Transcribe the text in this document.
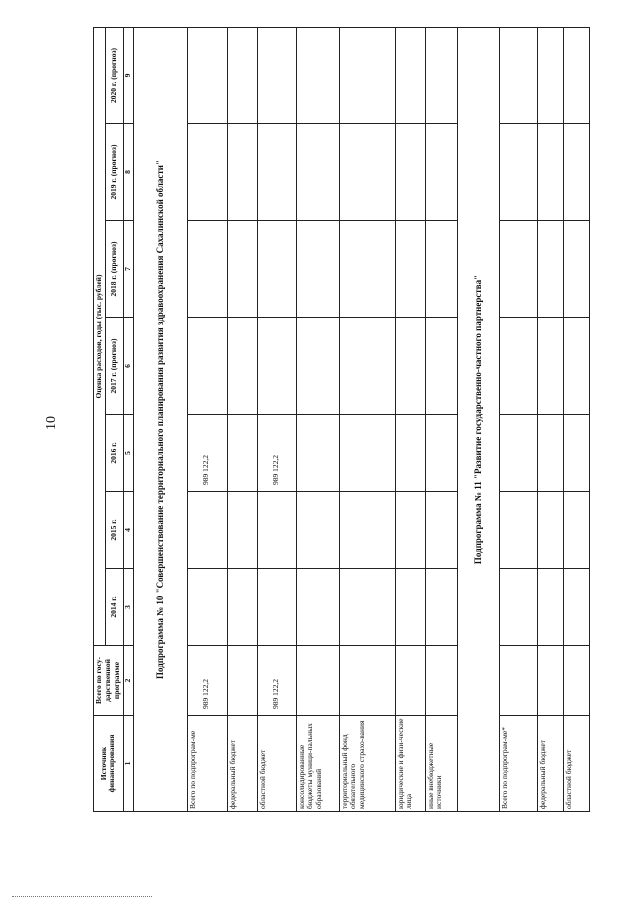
10
Источник финансирования	Всего по госу-дарственной программе	Оценка расходов, годы (тыс. рублей)						
		2014 г.	2015 г.	2016 г.	2017 г. (прогноз)	2018 г. (прогноз)	2019 г. (прогноз)	2020 г. (прогноз)
1	2	3	4	5	6	7	8	9
Подпрограмма № 10 "Совершенствование территориального планирования развития здравоохранения Сахалинской области"								
Всего по подпрограм-ме	989 122,2			989 122,2				
федеральный бюджет								
областной бюджет	989 122,2			989 122,2				
консолидированные бюджеты муници-пальных образований								
территориальный фонд обязательного медицинского страхо-вания								
юридические и физи-ческие лица								
иные внебюджетные источники								
Подпрограмма № 11 "Развитие государственно-частного партнерства"								
Всего по подпрограм-ме*								
федеральный бюджет								
областной бюджет								
